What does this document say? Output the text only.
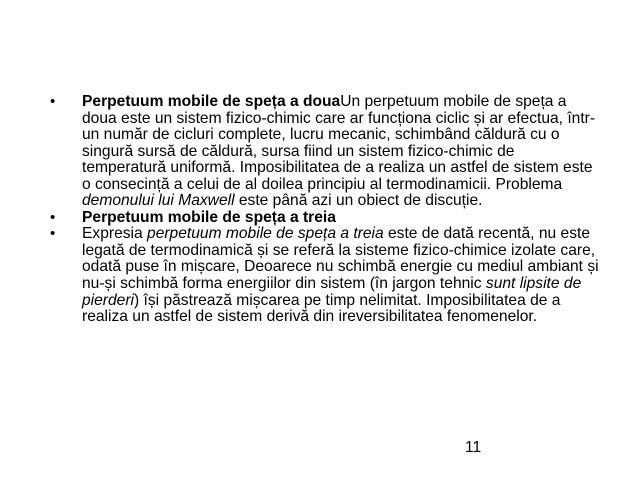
• Perpetuum mobile de speța a douaUn perpetuum mobile de speța a doua este un sistem fizico-chimic care ar funcționa ciclic și ar efectua, într-un număr de cicluri complete, lucru mecanic, schimbând căldură cu o singură sursă de căldură, sursa fiind un sistem fizico-chimic de temperatură uniformă. Imposibilitatea de a realiza un astfel de sistem este o consecință a celui de al doilea principiu al termodinamicii. Problema demonului lui Maxwell este până azi un obiect de discuție.
• Perpetuum mobile de speța a treia
• Expresia perpetuum mobile de speța a treia este de dată recentă, nu este legată de termodinamică și se referă la sisteme fizico-chimice izolate care, odată puse în mișcare, Deoarece nu schimbă energie cu mediul ambiant și nu-și schimbă forma energiilor din sistem (în jargon tehnic sunt lipsite de pierderi) își păstrează mișcarea pe timp nelimitat. Imposibilitatea de a realiza un astfel de sistem derivă din ireversibilitatea fenomenelor.
11
